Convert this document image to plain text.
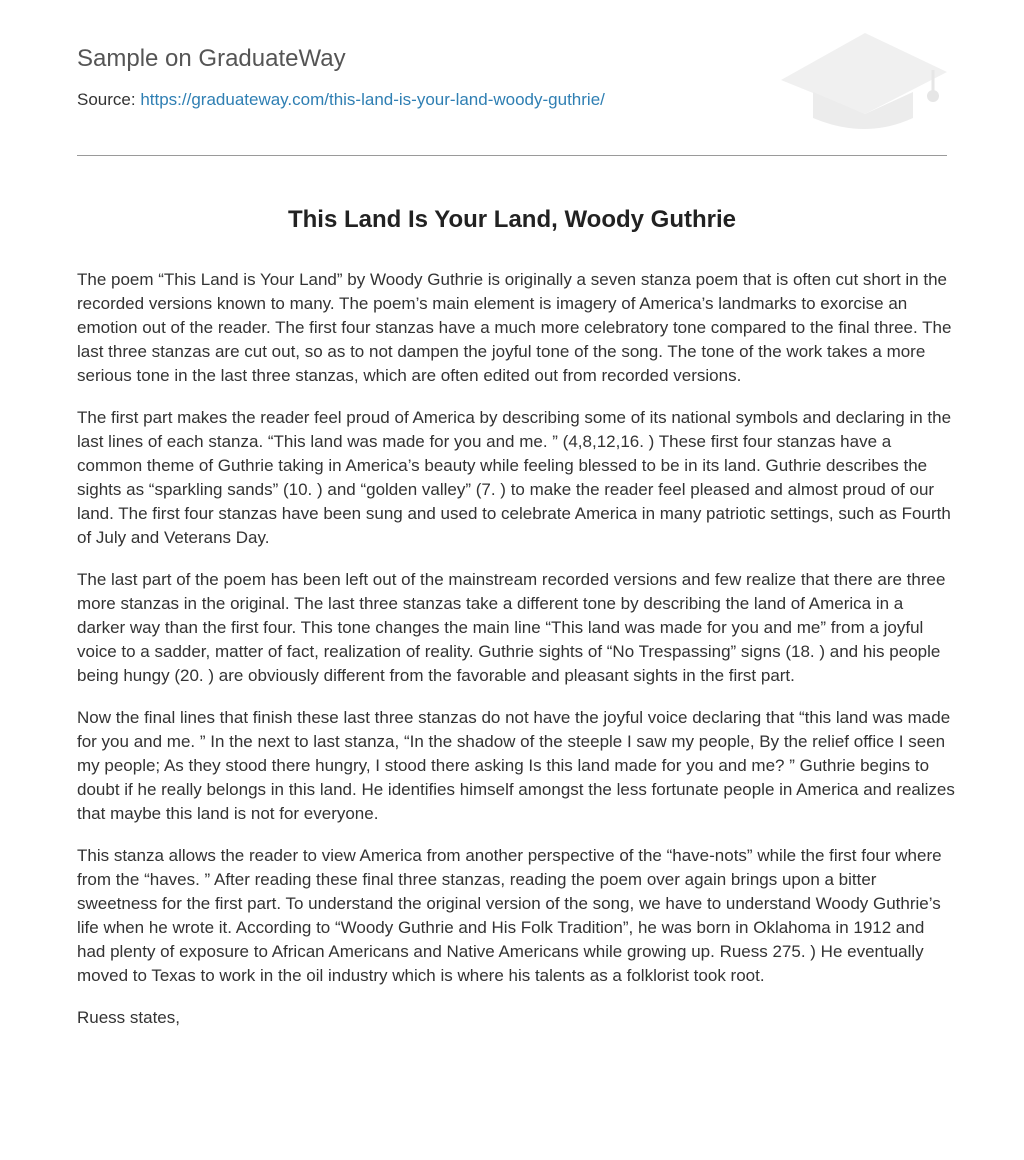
Sample on GraduateWay
Source: https://graduateway.com/this-land-is-your-land-woody-guthrie/
This Land Is Your Land, Woody Guthrie

The poem “This Land is Your Land” by Woody Guthrie is originally a seven stanza poem that is often cut short in the recorded versions known to many. The poem’s main element is imagery of America’s landmarks to exorcise an emotion out of the reader. The first four stanzas have a much more celebratory tone compared to the final three. The last three stanzas are cut out, so as to not dampen the joyful tone of the song. The tone of the work takes a more serious tone in the last three stanzas, which are often edited out from recorded versions.

The first part makes the reader feel proud of America by describing some of its national symbols and declaring in the last lines of each stanza. “This land was made for you and me. ” (4,8,12,16. ) These first four stanzas have a common theme of Guthrie taking in America’s beauty while feeling blessed to be in its land. Guthrie describes the sights as “sparkling sands” (10. ) and “golden valley” (7. ) to make the reader feel pleased and almost proud of our land. The first four stanzas have been sung and used to celebrate America in many patriotic settings, such as Fourth of July and Veterans Day.

The last part of the poem has been left out of the mainstream recorded versions and few realize that there are three more stanzas in the original. The last three stanzas take a different tone by describing the land of America in a darker way than the first four. This tone changes the main line “This land was made for you and me” from a joyful voice to a sadder, matter of fact, realization of reality. Guthrie sights of “No Trespassing” signs (18. ) and his people being hungy (20. ) are obviously different from the favorable and pleasant sights in the first part.

Now the final lines that finish these last three stanzas do not have the joyful voice declaring that “this land was made for you and me. ” In the next to last stanza, “In the shadow of the steeple I saw my people, By the relief office I seen my people; As they stood there hungry, I stood there asking Is this land made for you and me? ” Guthrie begins to doubt if he really belongs in this land. He identifies himself amongst the less fortunate people in America and realizes that maybe this land is not for everyone.

This stanza allows the reader to view America from another perspective of the “have-nots” while the first four where from the “haves. ” After reading these final three stanzas, reading the poem over again brings upon a bitter sweetness for the first part. To understand the original version of the song, we have to understand Woody Guthrie’s life when he wrote it. According to “Woody Guthrie and His Folk Tradition”, he was born in Oklahoma in 1912 and had plenty of exposure to African Americans and Native Americans while growing up. Ruess 275. ) He eventually moved to Texas to work in the oil industry which is where his talents as a folklorist took root.

Ruess states,
